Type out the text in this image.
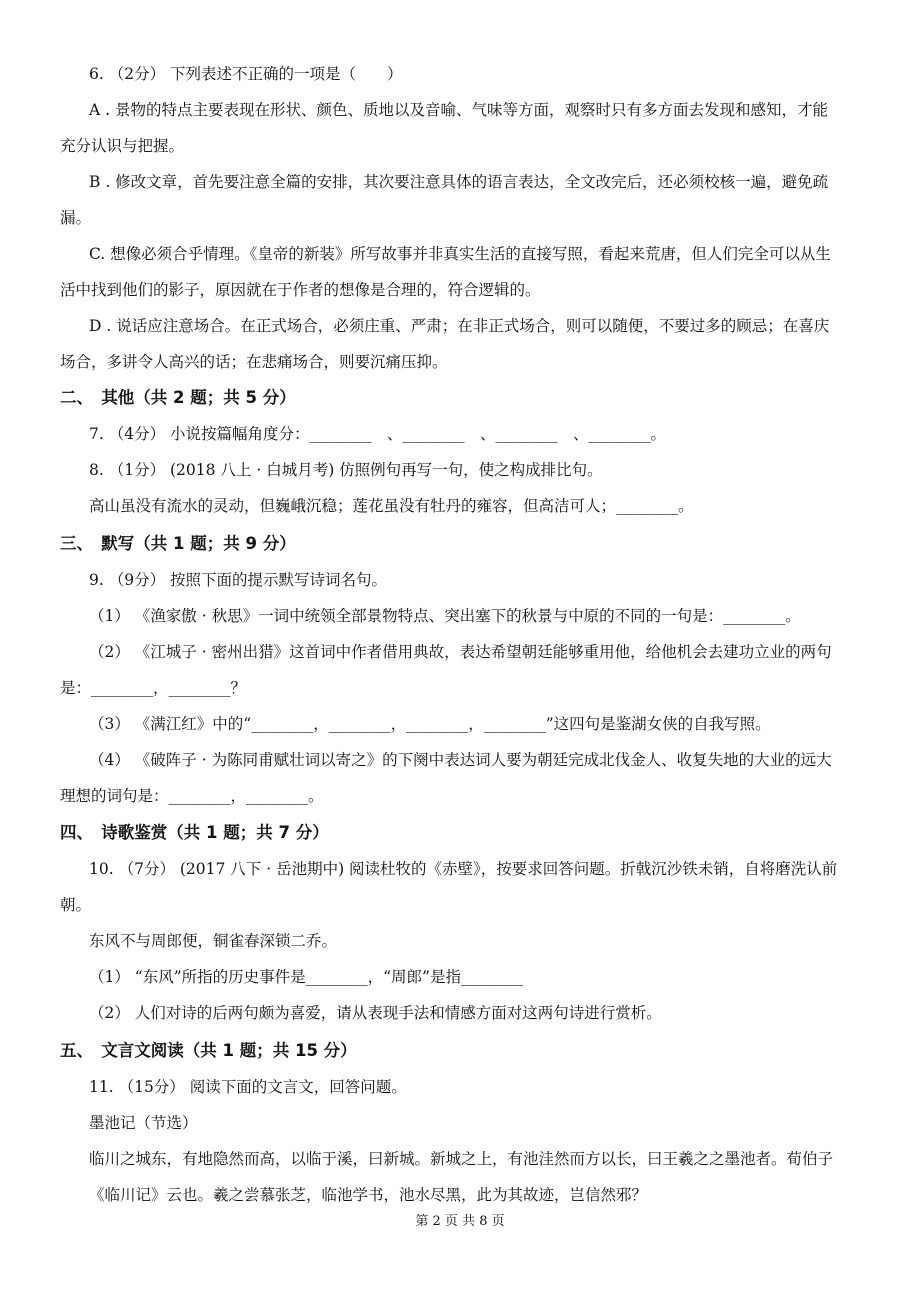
6. （2分） 下列表述不正确的一项是（　　）
A . 景物的特点主要表现在形状、颜色、质地以及音喻、气味等方面，观察时只有多方面去发现和感知，才能
充分认识与把握。
B . 修改文章，首先要注意全篇的安排，其次要注意具体的语言表达，全文改完后，还必须校核一遍，避免疏
漏。
C. 想像必须合乎情理。《皇帝的新装》所写故事并非真实生活的直接写照，看起来荒唐，但人们完全可以从生
活中找到他们的影子，原因就在于作者的想像是合理的，符合逻辑的。
D . 说话应注意场合。在正式场合，必须庄重、严肃；在非正式场合，则可以随便，不要过多的顾忌；在喜庆
场合，多讲令人高兴的话；在悲痛场合，则要沉痛压抑。
二、　其他（共 2 题；共 5 分）
7. （4分） 小说按篇幅角度分：________　、________　、________　、________。
8. （1分） (2018 八上 · 白城月考) 仿照例句再写一句，使之构成排比句。
高山虽没有流水的灵动，但巍峨沉稳；莲花虽没有牡丹的雍容，但高洁可人；________。
三、　默写（共 1 题；共 9 分）
9. （9分） 按照下面的提示默写诗词名句。
（1） 《渔家傲 · 秋思》一词中统领全部景物特点、突出塞下的秋景与中原的不同的一句是：________。
（2） 《江城子 · 密州出猎》这首词中作者借用典故，表达希望朝廷能够重用他，给他机会去建功立业的两句
是：________，________？
（3） 《满江红》中的“________，________，________，________”这四句是鉴湖女侠的自我写照。
（4） 《破阵子 · 为陈同甫赋壮词以寄之》的下阕中表达词人要为朝廷完成北伐金人、收复失地的大业的远大
理想的词句是：________，________。
四、　诗歌鉴赏（共 1 题；共 7 分）
10. （7分） (2017 八下 · 岳池期中) 阅读杜牧的《赤壁》，按要求回答问题。折戟沉沙铁未销，自将磨洗认前
朝。
东风不与周郎便，铜雀春深锁二乔。
（1） “东风”所指的历史事件是________，“周郎”是指________
（2） 人们对诗的后两句颇为喜爱，请从表现手法和情感方面对这两句诗进行赏析。
五、　文言文阅读（共 1 题；共 15 分）
11. （15分） 阅读下面的文言文，回答问题。
墨池记（节选）
临川之城东，有地隐然而高，以临于溪，曰新城。新城之上，有池洼然而方以长，曰王羲之之墨池者。荀伯子
《临川记》云也。羲之尝慕张芝，临池学书，池水尽黑，此为其故迹，岂信然邪？
第 2 页 共 8 页
